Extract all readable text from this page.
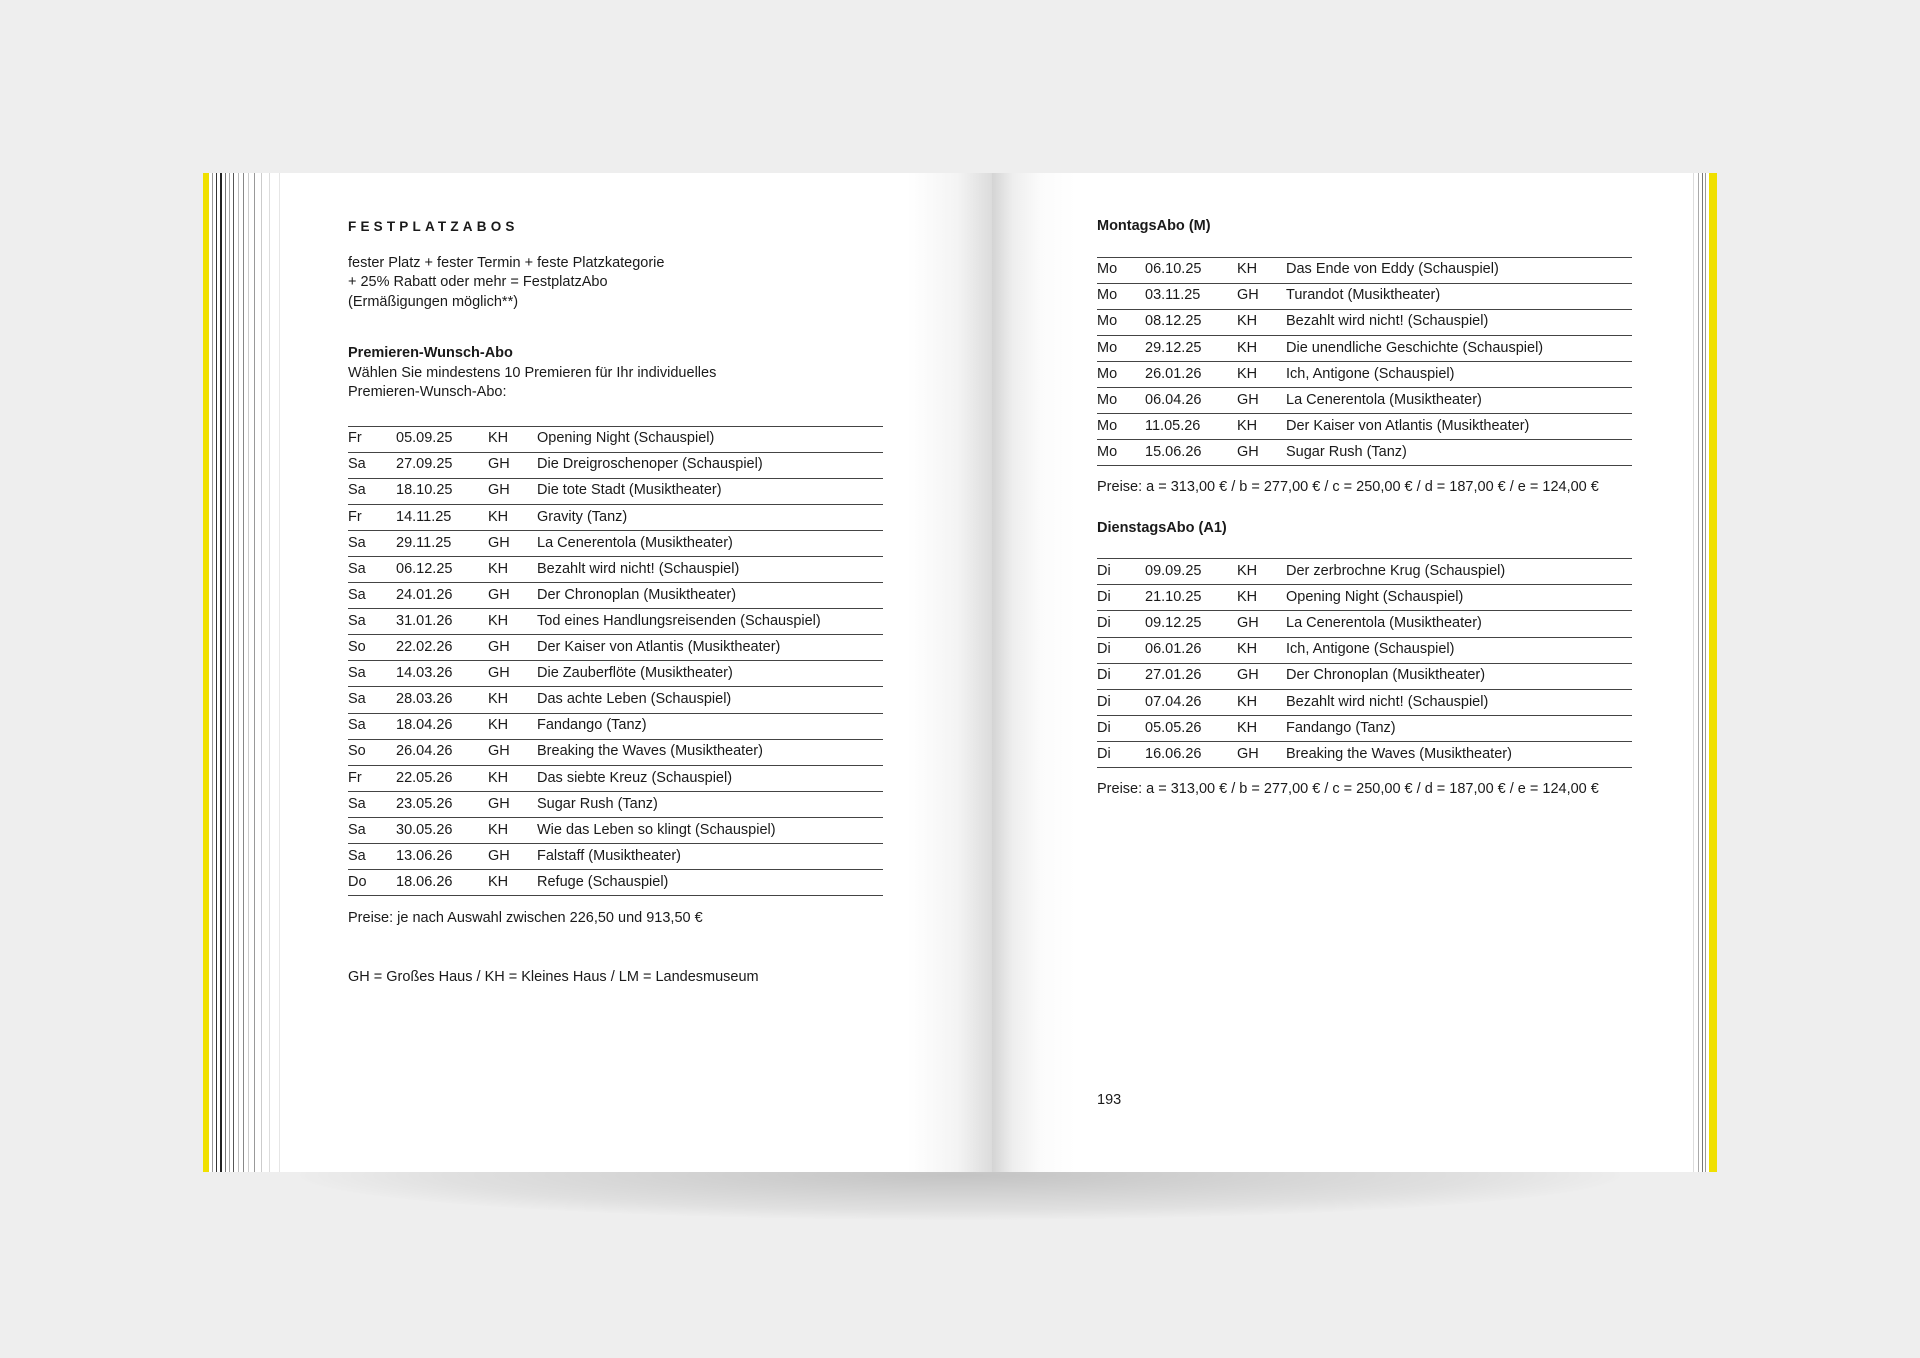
FESTPLATZABOS

fester Platz + fester Termin + feste Platzkategorie

+ 25% Rabatt oder mehr = FestplatzAbo

(Ermäßigungen möglich**)

Premieren-Wunsch-Abo
Wählen Sie mindestens 10 Premieren für Ihr individuelles
Premieren-Wunsch-Abo:
Fr	05.09.25	KH	Opening Night (Schauspiel)
Sa	27.09.25	GH	Die Dreigroschenoper (Schauspiel)
Sa	18.10.25	GH	Die tote Stadt (Musiktheater)
Fr	14.11.25	KH	Gravity (Tanz)
Sa	29.11.25	GH	La Cenerentola (Musiktheater)
Sa	06.12.25	KH	Bezahlt wird nicht! (Schauspiel)
Sa	24.01.26	GH	Der Chronoplan (Musiktheater)
Sa	31.01.26	KH	Tod eines Handlungsreisenden (Schauspiel)
So	22.02.26	GH	Der Kaiser von Atlantis (Musiktheater)
Sa	14.03.26	GH	Die Zauberflöte (Musiktheater)
Sa	28.03.26	KH	Das achte Leben (Schauspiel)
Sa	18.04.26	KH	Fandango (Tanz)
So	26.04.26	GH	Breaking the Waves (Musiktheater)
Fr	22.05.26	KH	Das siebte Kreuz (Schauspiel)
Sa	23.05.26	GH	Sugar Rush (Tanz)
Sa	30.05.26	KH	Wie das Leben so klingt (Schauspiel)
Sa	13.06.26	GH	Falstaff (Musiktheater)
Do	18.06.26	KH	Refuge (Schauspiel)
Preise: je nach Auswahl zwischen 226,50 und 913,50 €
GH = Großes Haus / KH = Kleines Haus / LM = Landesmuseum
MontagsAbo (M)
Mo	06.10.25	KH	Das Ende von Eddy (Schauspiel)
Mo	03.11.25	GH	Turandot (Musiktheater)
Mo	08.12.25	KH	Bezahlt wird nicht! (Schauspiel)
Mo	29.12.25	KH	Die unendliche Geschichte (Schauspiel)
Mo	26.01.26	KH	Ich, Antigone (Schauspiel)
Mo	06.04.26	GH	La Cenerentola (Musiktheater)
Mo	11.05.26	KH	Der Kaiser von Atlantis (Musiktheater)
Mo	15.06.26	GH	Sugar Rush (Tanz)
Preise: a = 313,00 € / b = 277,00 € / c = 250,00 € / d = 187,00 € / e = 124,00 €
DienstagsAbo (A1)
Di	09.09.25	KH	Der zerbrochne Krug (Schauspiel)
Di	21.10.25	KH	Opening Night (Schauspiel)
Di	09.12.25	GH	La Cenerentola (Musiktheater)
Di	06.01.26	KH	Ich, Antigone (Schauspiel)
Di	27.01.26	GH	Der Chronoplan (Musiktheater)
Di	07.04.26	KH	Bezahlt wird nicht! (Schauspiel)
Di	05.05.26	KH	Fandango (Tanz)
Di	16.06.26	GH	Breaking the Waves (Musiktheater)
Preise: a = 313,00 € / b = 277,00 € / c = 250,00 € / d = 187,00 € / e = 124,00 €
193
